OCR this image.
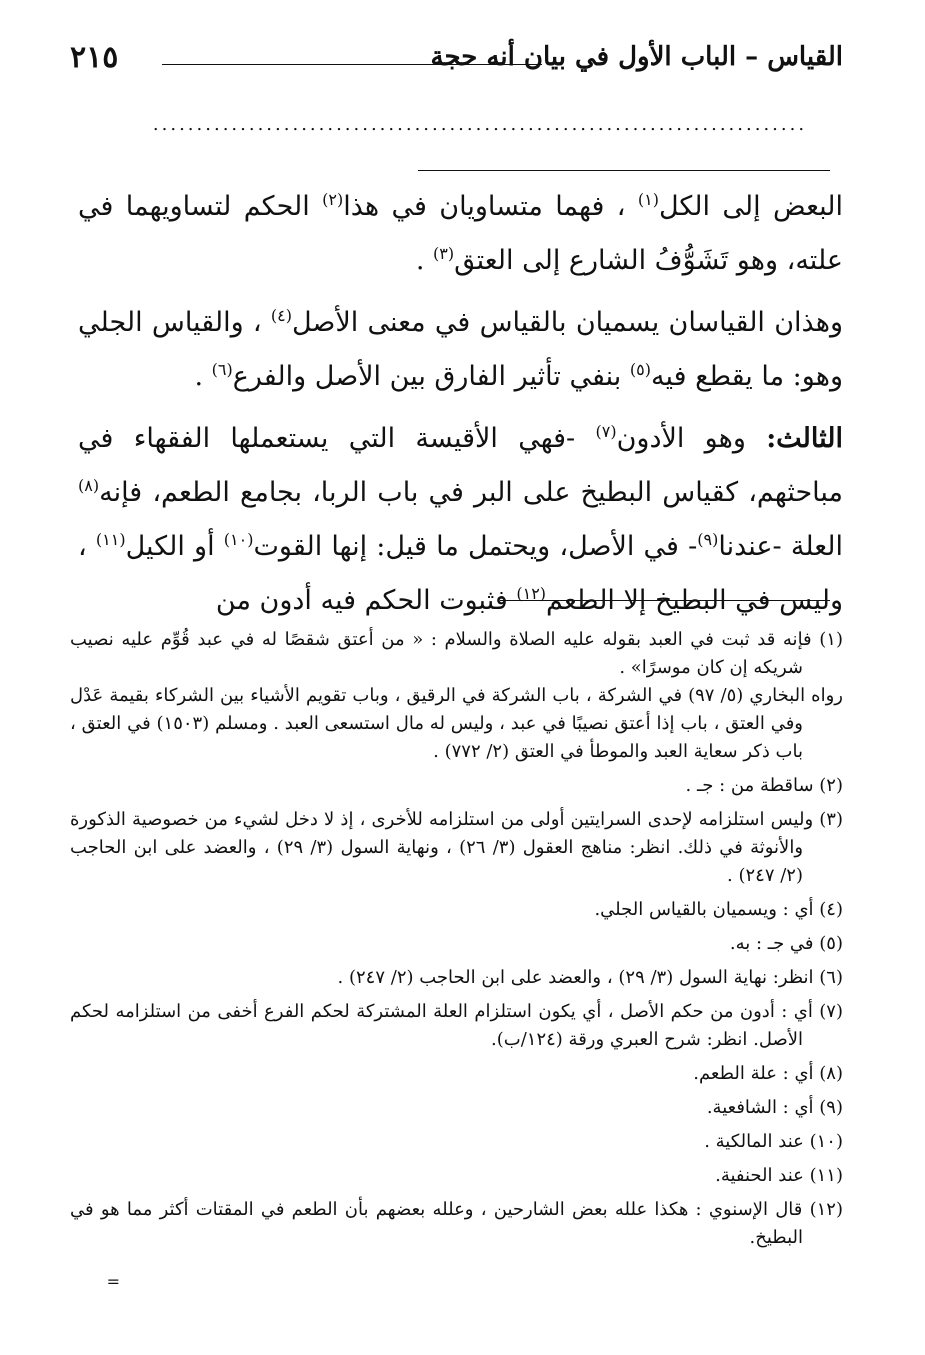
٢١٥	القياس – الباب الأول في بيان أنه حجة
...........................................................................

البعض إلى الكل$^{(١)}$ ، فهما متساويان في هذا$^{(٢)}$ الحكم لتساويهما في علته، وهو تَشَوُّفُ الشارع إلى العتق$^{(٣)}$ .

وهذان القياسان يسميان بالقياس في معنى الأصل$^{(٤)}$ ، والقياس الجلي وهو: ما يقطع فيه$^{(٥)}$ بنفي تأثير الفارق بين الأصل والفرع$^{(٦)}$ .

الثالث: وهو الأدون$^{(٧)}$ -فهي الأقيسة التي يستعملها الفقهاء في مباحثهم، كقياس البطيخ على البر في باب الربا، بجامع الطعم، فإنه$^{(٨)}$ العلة -عندنا$^{(٩)}$- في الأصل، ويحتمل ما قيل: إنها القوت$^{(١٠)}$ أو الكيل$^{(١١)}$ ، وليس في البطيخ إلا الطعم$^{(١٢)}$ فثبوت الحكم فيه أدون من

(١) فإنه قد ثبت في العبد بقوله عليه الصلاة والسلام : « من أعتق شقصًا له في عبد قُوِّم عليه نصيب شريكه إن كان موسرًا» .
رواه البخاري (٥/ ٩٧) في الشركة ، باب الشركة في الرقيق ، وباب تقويم الأشياء بين الشركاء بقيمة عَدْل وفي العتق ، باب إذا أعتق نصيبًا في عبد ، وليس له مال استسعى العبد . ومسلم (١٥٠٣) في العتق ، باب ذكر سعاية العبد والموطأ في العتق (٢/ ٧٧٢) .
(٢) ساقطة من : جـ .
(٣) وليس استلزامه لإحدى السرايتين أولى من استلزامه للأخرى ، إذ لا دخل لشيء من خصوصية الذكورة والأنوثة في ذلك. انظر: مناهج العقول (٣/ ٢٦) ، ونهاية السول (٣/ ٢٩) ، والعضد على ابن الحاجب (٢/ ٢٤٧) .
(٤) أي : ويسميان بالقياس الجلي.
(٥) في جـ : به.
(٦) انظر: نهاية السول (٣/ ٢٩) ، والعضد على ابن الحاجب (٢/ ٢٤٧) .
(٧) أي : أدون من حكم الأصل ، أي يكون استلزام العلة المشتركة لحكم الفرع أخفى من استلزامه لحكم الأصل. انظر: شرح العبري ورقة (١٢٤/ب).
(٨) أي : علة الطعم.
(٩) أي : الشافعية.
(١٠) عند المالكية .
(١١) عند الحنفية.
(١٢) قال الإسنوي : هكذا علله بعض الشارحين ، وعلله بعضهم بأن الطعم في المقتات أكثر مما هو في البطيخ.
=
